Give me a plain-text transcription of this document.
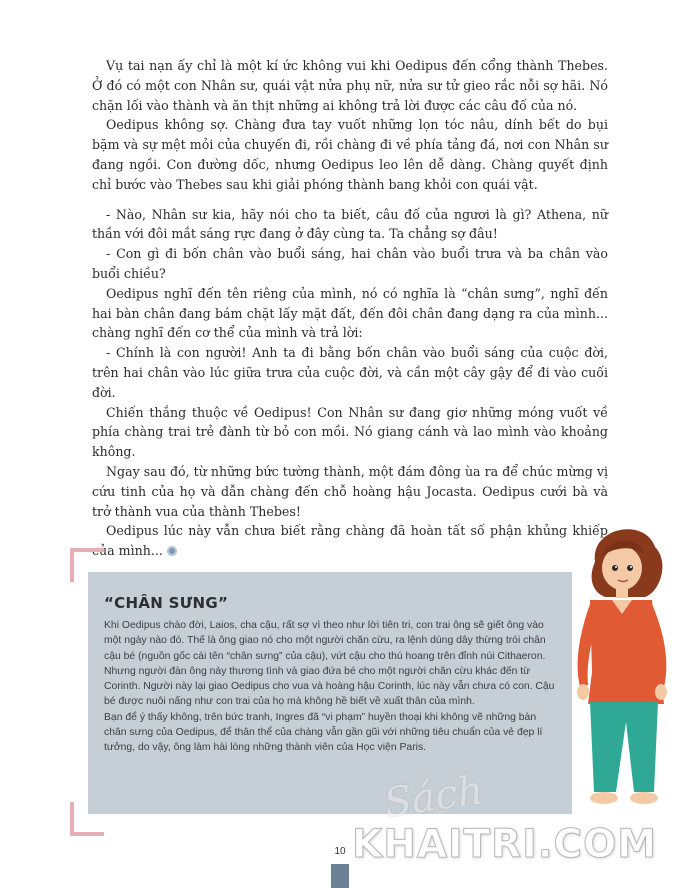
Vụ tai nạn ấy chỉ là một kí ức không vui khi Oedipus đến cổng thành Thebes. Ở đó có một con Nhân sư, quái vật nửa phụ nữ, nửa sư tử gieo rắc nỗi sợ hãi. Nó chặn lối vào thành và ăn thịt những ai không trả lời được các câu đố của nó.

Oedipus không sợ. Chàng đưa tay vuốt những lọn tóc nâu, dính bết do bụi bặm và sự mệt mỏi của chuyến đi, rồi chàng đi về phía tảng đá, nơi con Nhân sư đang ngồi. Con đường dốc, nhưng Oedipus leo lên dễ dàng. Chàng quyết định chỉ bước vào Thebes sau khi giải phóng thành bang khỏi con quái vật.

- Nào, Nhân sư kia, hãy nói cho ta biết, câu đố của ngươi là gì? Athena, nữ thần với đôi mắt sáng rực đang ở đây cùng ta. Ta chẳng sợ đâu!

- Con gì đi bốn chân vào buổi sáng, hai chân vào buổi trưa và ba chân vào buổi chiều?

Oedipus nghĩ đến tên riêng của mình, nó có nghĩa là “chân sưng”, nghĩ đến hai bàn chân đang bám chặt lấy mặt đất, đến đôi chân đang dạng ra của mình... chàng nghĩ đến cơ thể của mình và trả lời:

- Chính là con người! Anh ta đi bằng bốn chân vào buổi sáng của cuộc đời, trên hai chân vào lúc giữa trưa của cuộc đời, và cần một cây gậy để đi vào cuối đời.

Chiến thắng thuộc về Oedipus! Con Nhân sư đang giơ những móng vuốt về phía chàng trai trẻ đành từ bỏ con mồi. Nó giang cánh và lao mình vào khoảng không.

Ngay sau đó, từ những bức tường thành, một đám đông ùa ra để chúc mừng vị cứu tinh của họ và dẫn chàng đến chỗ hoàng hậu Jocasta. Oedipus cưới bà và trở thành vua của thành Thebes!

Oedipus lúc này vẫn chưa biết rằng chàng đã hoàn tất số phận khủng khiếp của mình...

“CHÂN SƯNG”

Khi Oedipus chào đời, Laios, cha cậu, rất sợ vì theo như lời tiên tri, con trai ông sẽ giết ông vào một ngày nào đó. Thế là ông giao nó cho một người chăn cừu, ra lệnh dùng dây thừng trói chân cậu bé (nguồn gốc cái tên “chân sưng” của cậu), vứt cậu cho thú hoang trên đỉnh núi Cithaeron. Nhưng người đàn ông này thương tình và giao đứa bé cho một người chăn cừu khác đến từ Corinth. Người này lại giao Oedipus cho vua và hoàng hậu Corinth, lúc này vẫn chưa có con. Cậu bé được nuôi nấng như con trai của họ mà không hề biết về xuất thân của mình.

Bạn để ý thấy không, trên bức tranh, Ingres đã “vi phạm” huyền thoại khi không vẽ những bàn chân sưng của Oedipus, để thân thể của chàng vẫn gần gũi với những tiêu chuẩn của vẻ đẹp lí tưởng, do vậy, ông làm hài lòng những thành viên của Học viện Paris.

10
Sách
KHAITRI.COM
